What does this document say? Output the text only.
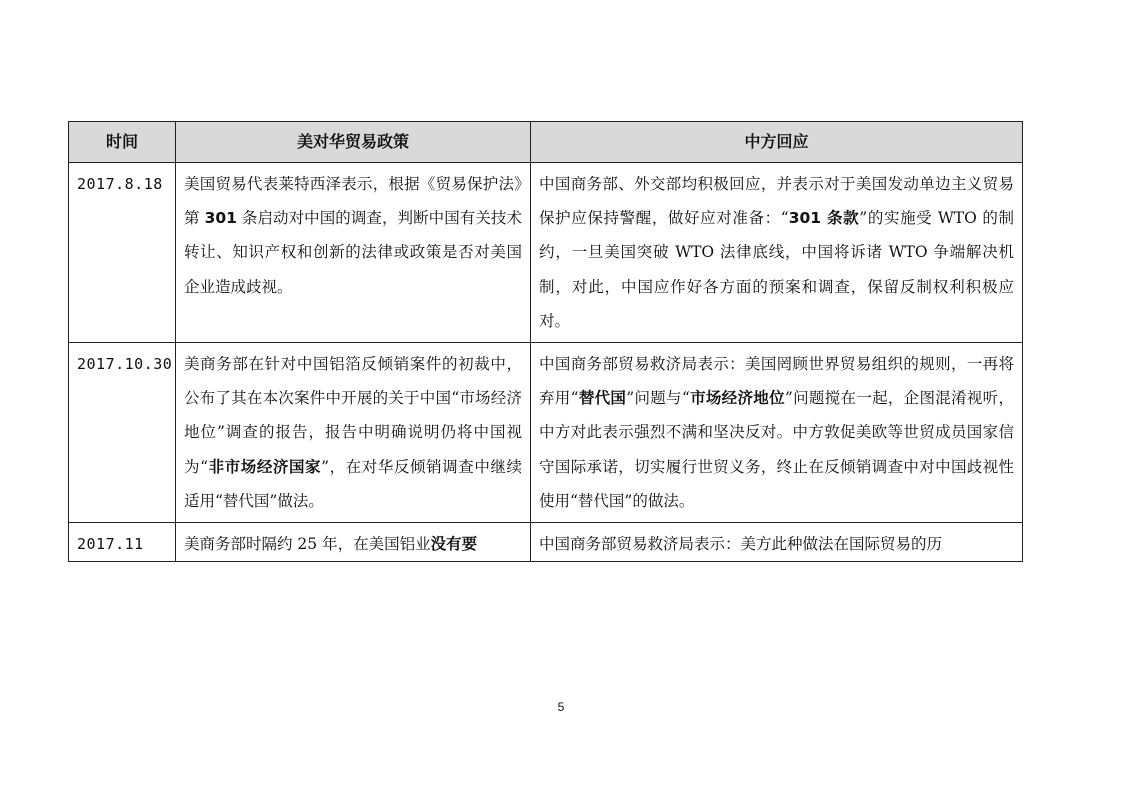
时间	美对华贸易政策	中方回应
2017.8.18	美国贸易代表莱特西泽表示，根据《贸易保护法》第 301 条启动对中国的调查，判断中国有关技术转让、知识产权和创新的法律或政策是否对美国企业造成歧视。	中国商务部、外交部均积极回应，并表示对于美国发动单边主义贸易保护应保持警醒，做好应对准备：“301 条款”的实施受 WTO 的制约，一旦美国突破 WTO 法律底线，中国将诉诸 WTO 争端解决机制，对此，中国应作好各方面的预案和调查，保留反制权利积极应对。
2017.10.30	美商务部在针对中国铝箔反倾销案件的初裁中，公布了其在本次案件中开展的关于中国“市场经济地位”调查的报告，报告中明确说明仍将中国视为“非市场经济国家”，在对华反倾销调查中继续适用“替代国”做法。	中国商务部贸易救济局表示：美国罔顾世界贸易组织的规则，一再将弃用“替代国”问题与“市场经济地位”问题搅在一起，企图混淆视听，中方对此表示强烈不满和坚决反对。中方敦促美欧等世贸成员国家信守国际承诺，切实履行世贸义务，终止在反倾销调查中对中国歧视性使用“替代国”的做法。
2017.11	美商务部时隔约 25 年，在美国铝业没有要	中国商务部贸易救济局表示：美方此种做法在国际贸易的历
5
